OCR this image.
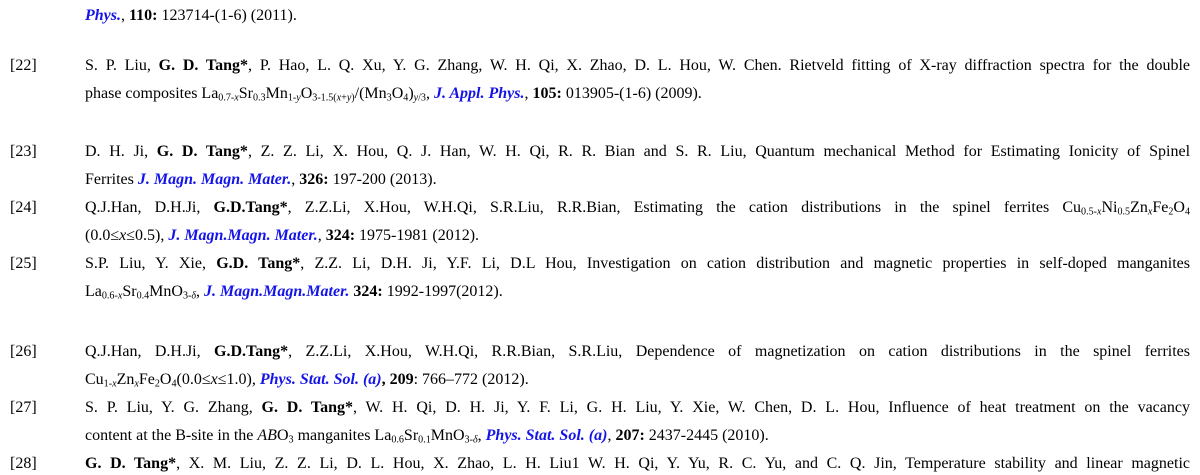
Phys., 110: 123714-(1-6) (2011).
[22]	S. P. Liu, G. D. Tang*, P. Hao, L. Q. Xu, Y. G. Zhang, W. H. Qi, X. Zhao, D. L. Hou, W. Chen. Rietveld fitting of X-ray diffraction spectra for the double
phase composites $La_{0.7-x}Sr_{0.3}Mn_{1-y}O_{3-1.5(x+y)}/(Mn_3O_4)_{y/3}$, J. Appl. Phys., 105: 013905-(1-6) (2009).
[23]	D. H. Ji, G. D. Tang*, Z. Z. Li, X. Hou, Q. J. Han, W. H. Qi, R. R. Bian and S. R. Liu, Quantum mechanical Method for Estimating Ionicity of Spinel
Ferrites J. Magn. Magn. Mater., 326: 197-200 (2013).
[24]	Q.J.Han, D.H.Ji, G.D.Tang*, Z.Z.Li, X.Hou, W.H.Qi, S.R.Liu, R.R.Bian, Estimating the cation distributions in the spinel ferrites $Cu_{0.5-x}Ni_{0.5}Zn_xFe_2O_4$
(0.0≤x≤0.5), J. Magn.Magn. Mater., 324: 1975-1981 (2012).
[25]	S.P. Liu, Y. Xie, G.D. Tang*, Z.Z. Li, D.H. Ji, Y.F. Li, D.L Hou, Investigation on cation distribution and magnetic properties in self-doped manganites
$La_{0.6-x}Sr_{0.4}MnO_{3-\delta}$, J. Magn.Magn.Mater. 324: 1992-1997(2012).
[26]	Q.J.Han, D.H.Ji, G.D.Tang*, Z.Z.Li, X.Hou, W.H.Qi, R.R.Bian, S.R.Liu, Dependence of magnetization on cation distributions in the spinel ferrites
$Cu_{1-x}Zn_xFe_2O_4(0.0\le x\le 1.0)$, Phys. Stat. Sol. (a), 209: 766–772 (2012).
[27]	S. P. Liu, Y. G. Zhang, G. D. Tang*, W. H. Qi, D. H. Ji, Y. F. Li, G. H. Liu, Y. Xie, W. Chen, D. L. Hou, Influence of heat treatment on the vacancy
content at the B-site in the $ABO_3$ manganites $La_{0.6}Sr_{0.1}MnO_{3-\delta}$, Phys. Stat. Sol. (a), 207: 2437-2445 (2010).
[28]	G. D. Tang*, X. M. Liu, Z. Z. Li, D. L. Hou, X. Zhao, L. H. Liu1 W. H. Qi, Y. Yu, R. C. Yu, and C. Q. Jin, Temperature stability and linear magnetic
